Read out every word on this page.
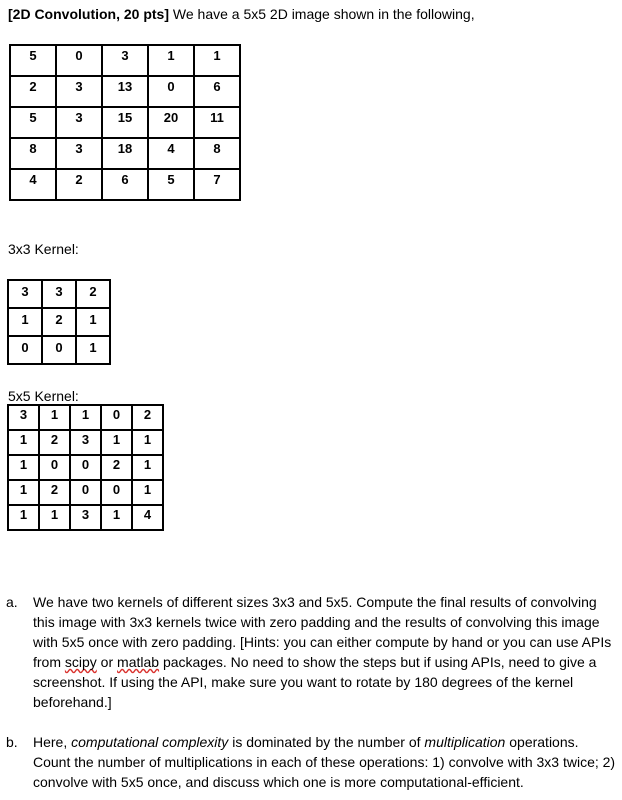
[2D Convolution, 20 pts] We have a 5x5 2D image shown in the following,
5	0	3	1	1
2	3	13	0	6
5	3	15	20	11
8	3	18	4	8
4	2	6	5	7
3x3 Kernel:
3	3	2
1	2	1
0	0	1
5x5 Kernel:
3	1	1	0	2
1	2	3	1	1
1	0	0	2	1
1	2	0	0	1
1	1	3	1	4
a. We have two kernels of different sizes 3x3 and 5x5. Compute the final results of convolving this image with 3x3 kernels twice with zero padding and the results of convolving this image with 5x5 once with zero padding. [Hints: you can either compute by hand or you can use APIs from scipy or matlab packages. No need to show the steps but if using APIs, need to give a screenshot. If using the API, make sure you want to rotate by 180 degrees of the kernel beforehand.]
b. Here, computational complexity is dominated by the number of multiplication operations. Count the number of multiplications in each of these operations: 1) convolve with 3x3 twice; 2) convolve with 5x5 once, and discuss which one is more computational-efficient.
